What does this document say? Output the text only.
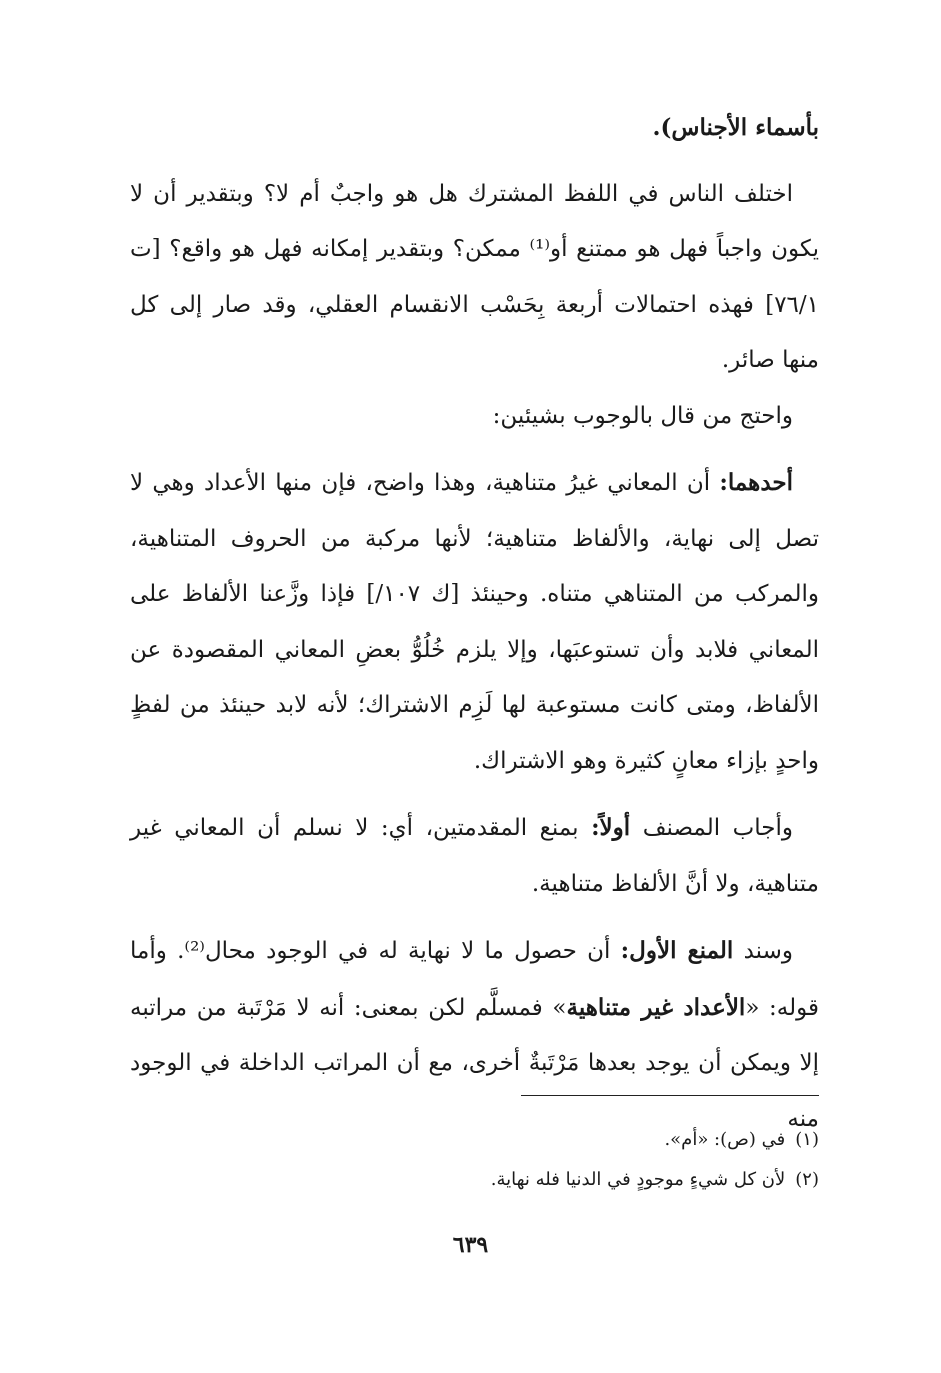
بأسماء الأجناس).

اختلف الناس في اللفظ المشترك هل هو واجبٌ أم لا؟ وبتقدير أن لا يكون واجباً فهل هو ممتنع أو⁽¹⁾ ممكن؟ وبتقدير إمكانه فهل هو واقع؟ [ت ٧٦/١] فهذه احتمالات أربعة بِحَسْب الانقسام العقلي، وقد صار إلى كل منها صائر.

واحتج من قال بالوجوب بشيئين:

أحدهما: أن المعاني غيرُ متناهية، وهذا واضح، فإن منها الأعداد وهي لا تصل إلى نهاية، والألفاظ متناهية؛ لأنها مركبة من الحروف المتناهية، والمركب من المتناهي متناه. وحينئذ [ك ١٠٧/] فإذا وزَّعنا الألفاظ على المعاني فلابد وأن تستوعبَها، وإلا يلزم خُلُوُّ بعضِ المعاني المقصودة عن الألفاظ، ومتى كانت مستوعبة لها لَزِم الاشتراك؛ لأنه لابد حينئذ من لفظٍ واحدٍ بإزاء معانٍ كثيرة وهو الاشتراك.

وأجاب المصنف أولاً: بمنع المقدمتين، أي: لا نسلم أن المعاني غير متناهية، ولا أنَّ الألفاظ متناهية.

وسند المنع الأول: أن حصول ما لا نهاية له في الوجود محال⁽²⁾. وأما قوله: «الأعداد غير متناهية» فمسلَّم لكن بمعنى: أنه لا مَرْتَبة من مراتبه إلا ويمكن أن يوجد بعدها مَرْتَبةٌ أخرى، مع أن المراتب الداخلة في الوجود منه

(١)في (ص): «أم».

(٢)لأن كل شيءٍ موجودٍ في الدنيا فله نهاية.

٦٣٩
